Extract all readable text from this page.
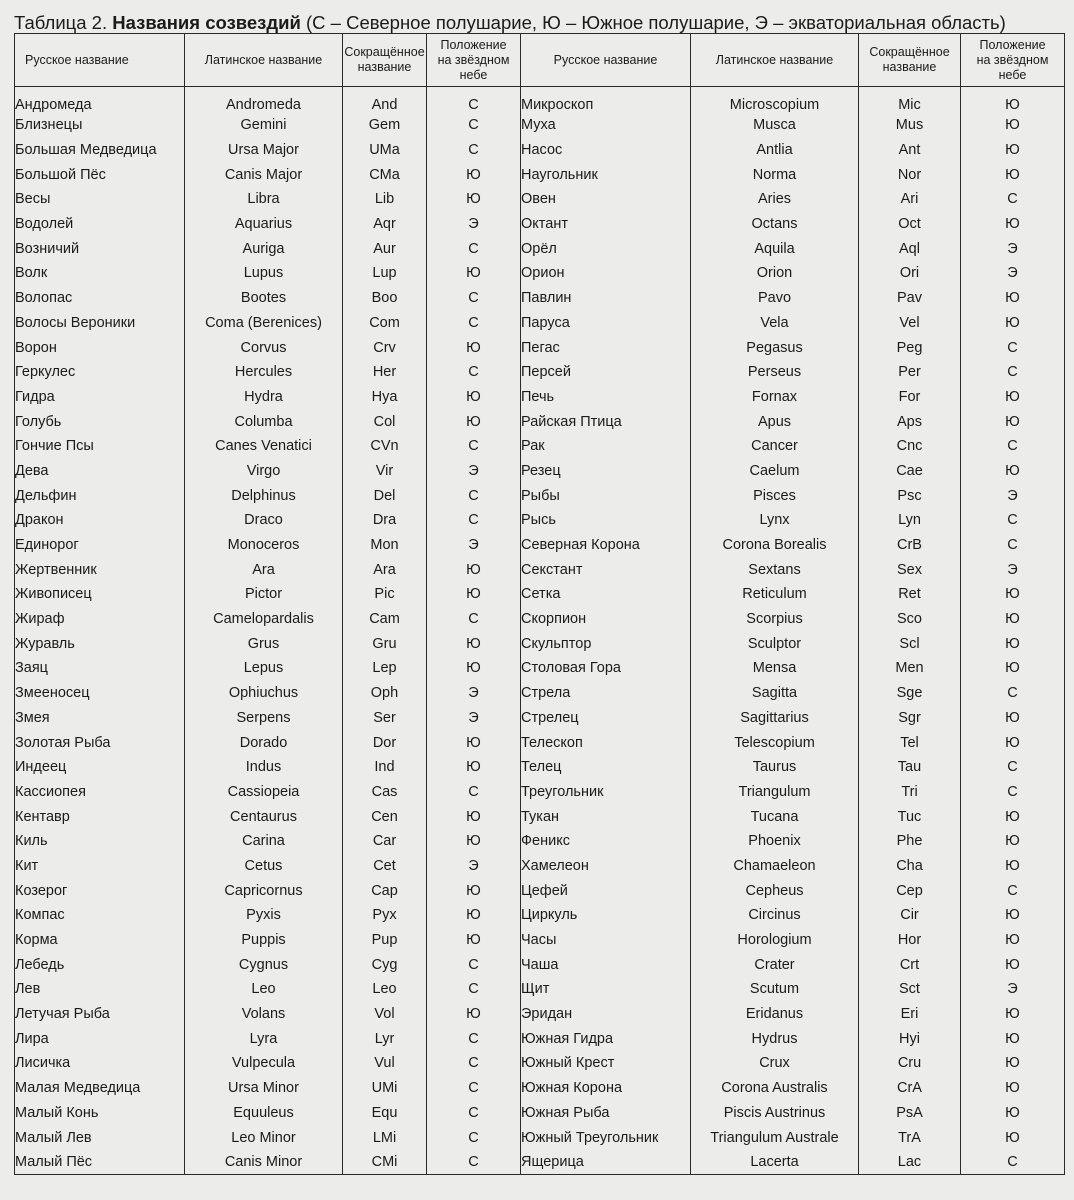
Таблица 2. Названия созвездий (С – Северное полушарие, Ю – Южное полушарие, Э – экваториальная область)
Русское название	Латинское название	Сокращённое
название	Положение
на звёздном
небе	Русское название	Латинское название	Сокращённое
название	Положение
на звёздном
небе
Андромеда	Andromeda	And	С	Микроскоп	Microscopium	Mic	Ю
Близнецы	Gemini	Gem	С	Муха	Musca	Mus	Ю
Большая Медведица	Ursa Major	UMa	С	Насос	Antlia	Ant	Ю
Большой Пёс	Canis Major	CMa	Ю	Наугольник	Norma	Nor	Ю
Весы	Libra	Lib	Ю	Овен	Aries	Ari	С
Водолей	Aquarius	Aqr	Э	Октант	Octans	Oct	Ю
Возничий	Auriga	Aur	С	Орёл	Aquila	Aql	Э
Волк	Lupus	Lup	Ю	Орион	Orion	Ori	Э
Волопас	Bootes	Boo	С	Павлин	Pavo	Pav	Ю
Волосы Вероники	Coma (Berenices)	Com	С	Паруса	Vela	Vel	Ю
Ворон	Corvus	Crv	Ю	Пегас	Pegasus	Peg	С
Геркулес	Hercules	Her	С	Персей	Perseus	Per	С
Гидра	Hydra	Hya	Ю	Печь	Fornax	For	Ю
Голубь	Columba	Col	Ю	Райская Птица	Apus	Aps	Ю
Гончие Псы	Canes Venatici	CVn	С	Рак	Cancer	Cnc	С
Дева	Virgo	Vir	Э	Резец	Caelum	Cae	Ю
Дельфин	Delphinus	Del	С	Рыбы	Pisces	Psc	Э
Дракон	Draco	Dra	С	Рысь	Lynx	Lyn	С
Единорог	Monoceros	Mon	Э	Северная Корона	Corona Borealis	CrB	С
Жертвенник	Ara	Ara	Ю	Секстант	Sextans	Sex	Э
Живописец	Pictor	Pic	Ю	Сетка	Reticulum	Ret	Ю
Жираф	Camelopardalis	Cam	С	Скорпион	Scorpius	Sco	Ю
Журавль	Grus	Gru	Ю	Скульптор	Sculptor	Scl	Ю
Заяц	Lepus	Lep	Ю	Столовая Гора	Mensa	Men	Ю
Змееносец	Ophiuchus	Oph	Э	Стрела	Sagitta	Sge	С
Змея	Serpens	Ser	Э	Стрелец	Sagittarius	Sgr	Ю
Золотая Рыба	Dorado	Dor	Ю	Телескоп	Telescopium	Tel	Ю
Индеец	Indus	Ind	Ю	Телец	Taurus	Tau	С
Кассиопея	Cassiopeia	Cas	С	Треугольник	Triangulum	Tri	С
Кентавр	Centaurus	Cen	Ю	Тукан	Tucana	Tuc	Ю
Киль	Carina	Car	Ю	Феникс	Phoenix	Phe	Ю
Кит	Cetus	Cet	Э	Хамелеон	Chamaeleon	Cha	Ю
Козерог	Capricornus	Cap	Ю	Цефей	Cepheus	Cep	С
Компас	Pyxis	Pyx	Ю	Циркуль	Circinus	Cir	Ю
Корма	Puppis	Pup	Ю	Часы	Horologium	Hor	Ю
Лебедь	Cygnus	Cyg	С	Чаша	Crater	Crt	Ю
Лев	Leo	Leo	С	Щит	Scutum	Sct	Э
Летучая Рыба	Volans	Vol	Ю	Эридан	Eridanus	Eri	Ю
Лира	Lyra	Lyr	С	Южная Гидра	Hydrus	Hyi	Ю
Лисичка	Vulpecula	Vul	С	Южный Крест	Crux	Cru	Ю
Малая Медведица	Ursa Minor	UMi	С	Южная Корона	Corona Australis	CrA	Ю
Малый Конь	Equuleus	Equ	С	Южная Рыба	Piscis Austrinus	PsA	Ю
Малый Лев	Leo Minor	LMi	С	Южный Треугольник	Triangulum Australe	TrA	Ю
Малый Пёс	Canis Minor	CMi	С	Ящерица	Lacerta	Lac	С
